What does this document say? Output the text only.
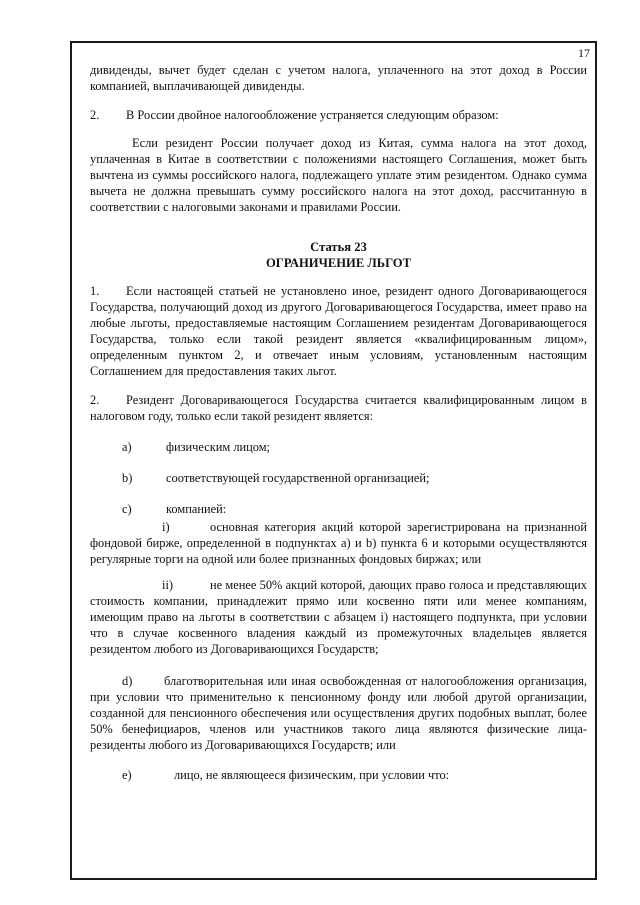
17

дивиденды, вычет будет сделан с учетом налога, уплаченного на этот доход в России компанией, выплачивающей дивиденды.

2. В России двойное налогообложение устраняется следующим образом:

Если резидент России получает доход из Китая, сумма налога на этот доход, уплаченная в Китае в соответствии с положениями настоящего Соглашения, может быть вычтена из суммы российского налога, подлежащего уплате этим резидентом. Однако сумма вычета не должна превышать сумму российского налога на этот доход, рассчитанную в соответствии с налоговыми законами и правилами России.

Статья 23

ОГРАНИЧЕНИЕ ЛЬГОТ

1. Если настоящей статьей не установлено иное, резидент одного Договаривающегося Государства, получающий доход из другого Договаривающегося Государства, имеет право на любые льготы, предоставляемые настоящим Соглашением резидентам Договаривающегося Государства, только если такой резидент является «квалифицированным лицом», определенным пунктом 2, и отвечает иным условиям, установленным настоящим Соглашением для предоставления таких льгот.

2. Резидент Договаривающегося Государства считается квалифицированным лицом в налоговом году, только если такой резидент является:

а)	физическим лицом;
b)	соответствующей государственной организацией;
с)	компанией:

i)	основная категория акций которой зарегистрирована на признанной фондовой бирже, определенной в подпунктах а) и b) пункта 6 и которыми осуществляются регулярные торги на одной или более признанных фондовых биржах; или

ii)	не менее 50% акций которой, дающих право голоса и представляющих стоимость компании, принадлежит прямо или косвенно пяти или менее компаниям, имеющим право на льготы в соответствии с абзацем i) настоящего подпункта, при условии что в случае косвенного владения каждый из промежуточных владельцев является резидентом любого из Договаривающихся Государств;

d)	благотворительная или иная освобожденная от налогообложения организация, при условии что применительно к пенсионному фонду или любой другой организации, созданной для пенсионного обеспечения или осуществления других подобных выплат, более 50% бенефициаров, членов или участников такого лица являются физические лица-резиденты любого из Договаривающихся Государств; или

е)	лицо, не являющееся физическим, при условии что:
